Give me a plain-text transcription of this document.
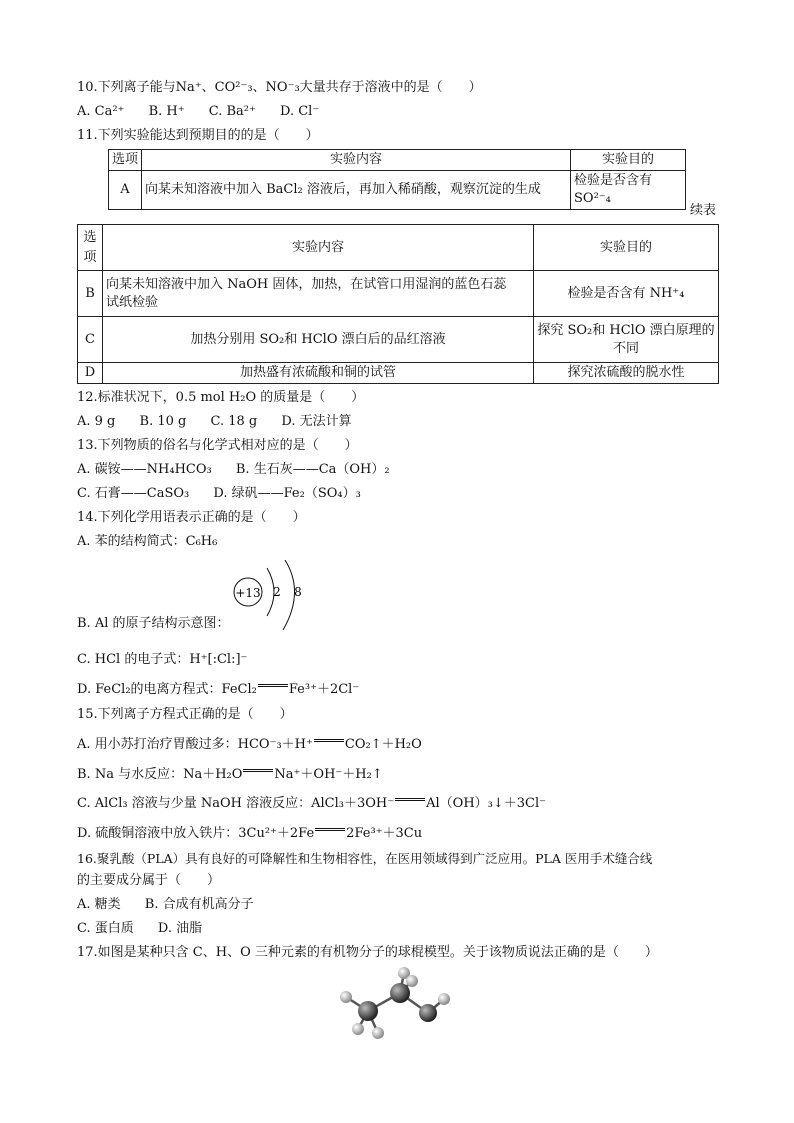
10.下列离子能与Na⁺、CO²⁻₃、NO⁻₃大量共存于溶液中的是（　　）
A. Ca²⁺ B. H⁺ C. Ba²⁺ D. Cl⁻
11.下列实验能达到预期目的的是（　　）
选项	实验内容	实验目的
A	向某未知溶液中加入 BaCl₂ 溶液后，再加入稀硝酸，观察沉淀的生成	检验是否含有 SO²⁻₄
续表
选
项	实验内容	实验目的
B	向某未知溶液中加入 NaOH 固体，加热，在试管口用湿润的蓝色石蕊
试纸检验	检验是否含有 NH⁺₄
C	加热分别用 SO₂和 HClO 漂白后的品红溶液	探究 SO₂和 HClO 漂白原理的
不同
D	加热盛有浓硫酸和铜的试管	探究浓硫酸的脱水性
12.标准状况下，0.5 mol H₂O 的质量是（　　）
A. 9 g B. 10 g C. 18 g D. 无法计算
13.下列物质的俗名与化学式相对应的是（　　）
A. 碳铵——NH₄HCO₃ B. 生石灰——Ca（OH）₂
C. 石膏——CaSO₃ D. 绿矾——Fe₂（SO₄）₃
14.下列化学用语表示正确的是（　　）
A. 苯的结构简式：C₆H₆
+13 2 8
B. Al 的原子结构示意图：
C. HCl 的电子式：H⁺[:Cl:]⁻
D. FeCl₂的电离方程式：FeCl₂ Fe³⁺＋2Cl⁻
15.下列离子方程式正确的是（　　）
A. 用小苏打治疗胃酸过多：HCO⁻₃＋H⁺ CO₂↑＋H₂O
B. Na 与水反应：Na＋H₂O Na⁺＋OH⁻＋H₂↑
C. AlCl₃ 溶液与少量 NaOH 溶液反应：AlCl₃＋3OH⁻ Al（OH）₃↓＋3Cl⁻
D. 硫酸铜溶液中放入铁片：3Cu²⁺＋2Fe 2Fe³⁺＋3Cu
16.聚乳酸（PLA）具有良好的可降解性和生物相容性，在医用领域得到广泛应用。PLA 医用手术缝合线
的主要成分属于（　　）
A. 糖类 B. 合成有机高分子
C. 蛋白质 D. 油脂
17.如图是某种只含 C、H、O 三种元素的有机物分子的球棍模型。关于该物质说法正确的是（　　）
